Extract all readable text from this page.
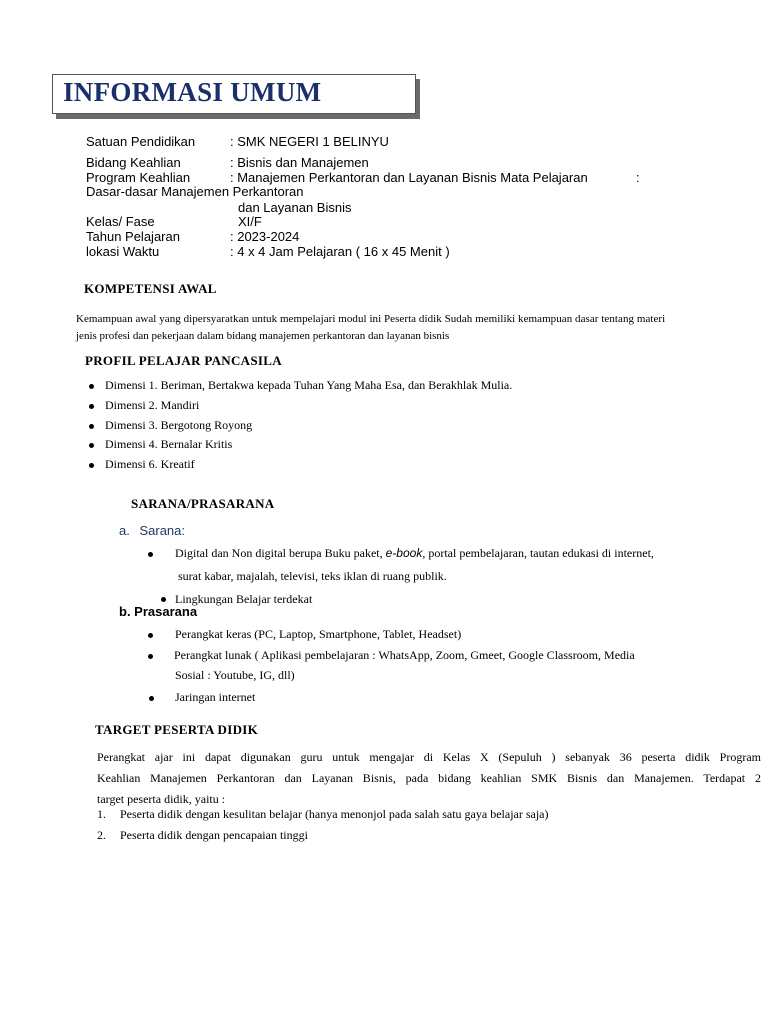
INFORMASI UMUM
Satuan Pendidikan	: SMK NEGERI 1 BELINYU
Bidang Keahlian	: Bisnis dan Manajemen
Program Keahlian	: Manajemen Perkantoran dan Layanan Bisnis Mata Pelajaran	:
Dasar-dasar Manajemen Perkantoran
dan Layanan Bisnis
Kelas/ Fase	XI/F
Tahun Pelajaran	: 2023-2024
lokasi Waktu	: 4 x 4 Jam Pelajaran ( 16 x 45 Menit )
KOMPETENSI AWAL
Kemampuan awal yang dipersyaratkan untuk mempelajari modul ini Peserta didik Sudah memiliki kemampuan dasar tentang materi
jenis profesi dan pekerjaan dalam bidang manajemen perkantoran dan layanan bisnis
PROFIL PELAJAR PANCASILA
Dimensi 1. Beriman, Bertakwa kepada Tuhan Yang Maha Esa, dan Berakhlak Mulia.
Dimensi 2. Mandiri
Dimensi 3. Bergotong Royong
Dimensi 4. Bernalar Kritis
Dimensi 6. Kreatif
SARANA/PRASARANA
a. Sarana:
Digital dan Non digital berupa Buku paket, e-book, portal pembelajaran, tautan edukasi di internet,
surat kabar, majalah, televisi, teks iklan di ruang publik.
Lingkungan Belajar terdekat
b. Prasarana
Perangkat keras (PC, Laptop, Smartphone, Tablet, Headset)
Perangkat lunak ( Aplikasi pembelajaran : WhatsApp, Zoom, Gmeet, Google Classroom, Media
Sosial : Youtube, IG, dll)
Jaringan internet
TARGET PESERTA DIDIK
Perangkat ajar ini dapat digunakan guru untuk mengajar di Kelas X (Sepuluh ) sebanyak 36 peserta didik Program
Keahlian Manajemen Perkantoran dan Layanan Bisnis, pada bidang keahlian SMK Bisnis dan Manajemen. Terdapat 2
target peserta didik, yaitu :
1. Peserta didik dengan kesulitan belajar (hanya menonjol pada salah satu gaya belajar saja)
2. Peserta didik dengan pencapaian tinggi
